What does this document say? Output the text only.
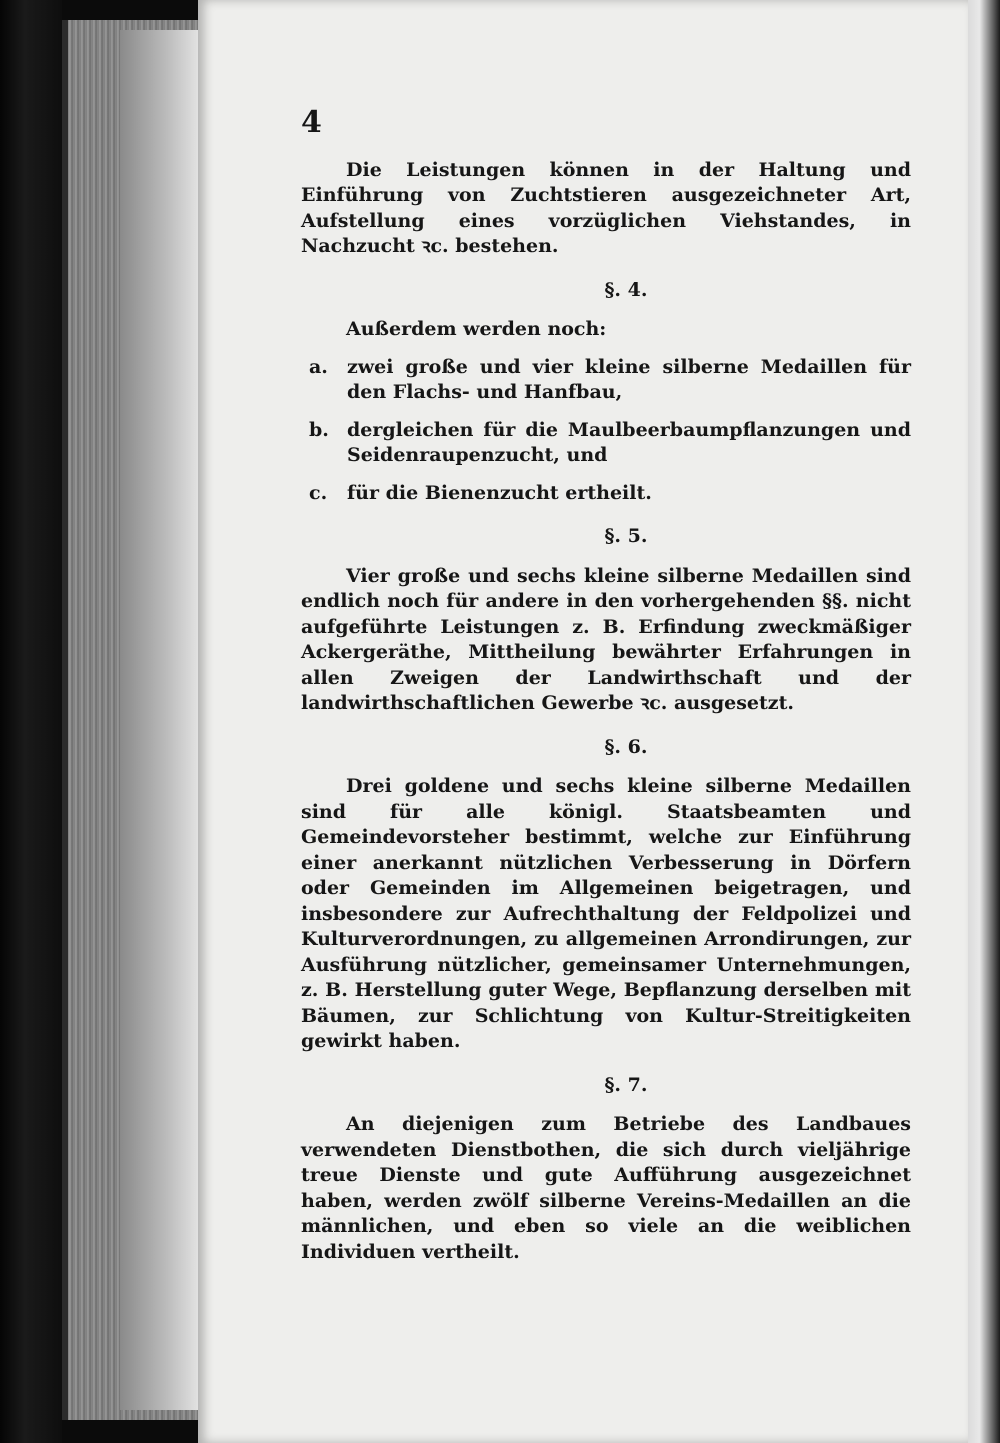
4

Die Leistungen können in der Haltung und Einführung von Zuchtstieren ausgezeichneter Art, Aufstellung eines vorzüglichen Viehstandes, in Nachzucht ꝛc. bestehen.

§. 4.

Außerdem werden noch:

a.	zwei große und vier kleine silberne Medaillen für den Flachs- und Hanfbau,
b. dergleichen für die Maulbeerbaumpflanzungen und Seidenraupenzucht, und
c.	für die Bienenzucht ertheilt.
§. 5.

Vier große und sechs kleine silberne Medaillen sind endlich noch für andere in den vorhergehenden §§. nicht aufgeführte Leistungen z. B. Erfindung zweckmäßiger Ackergeräthe, Mittheilung bewährter Erfahrungen in allen Zweigen der Landwirthschaft und der landwirthschaftlichen Gewerbe ꝛc. ausgesetzt.

§. 6.

Drei goldene und sechs kleine silberne Medaillen sind für alle königl. Staatsbeamten und Gemeindevorsteher bestimmt, welche zur Einführung einer anerkannt nützlichen Verbesserung in Dörfern oder Gemeinden im Allgemeinen beigetragen, und insbesondere zur Aufrechthaltung der Feldpolizei und Kulturverordnungen, zu allgemeinen Arrondirungen, zur Ausführung nützlicher, gemeinsamer Unternehmungen, z. B. Herstellung guter Wege, Bepflanzung derselben mit Bäumen, zur Schlichtung von Kultur-Streitigkeiten gewirkt haben.

§. 7.

An diejenigen zum Betriebe des Landbaues verwendeten Dienstbothen, die sich durch vieljährige treue Dienste und gute Aufführung ausgezeichnet haben, werden zwölf silberne Vereins-Medaillen an die männlichen, und eben so viele an die weiblichen Individuen vertheilt.
